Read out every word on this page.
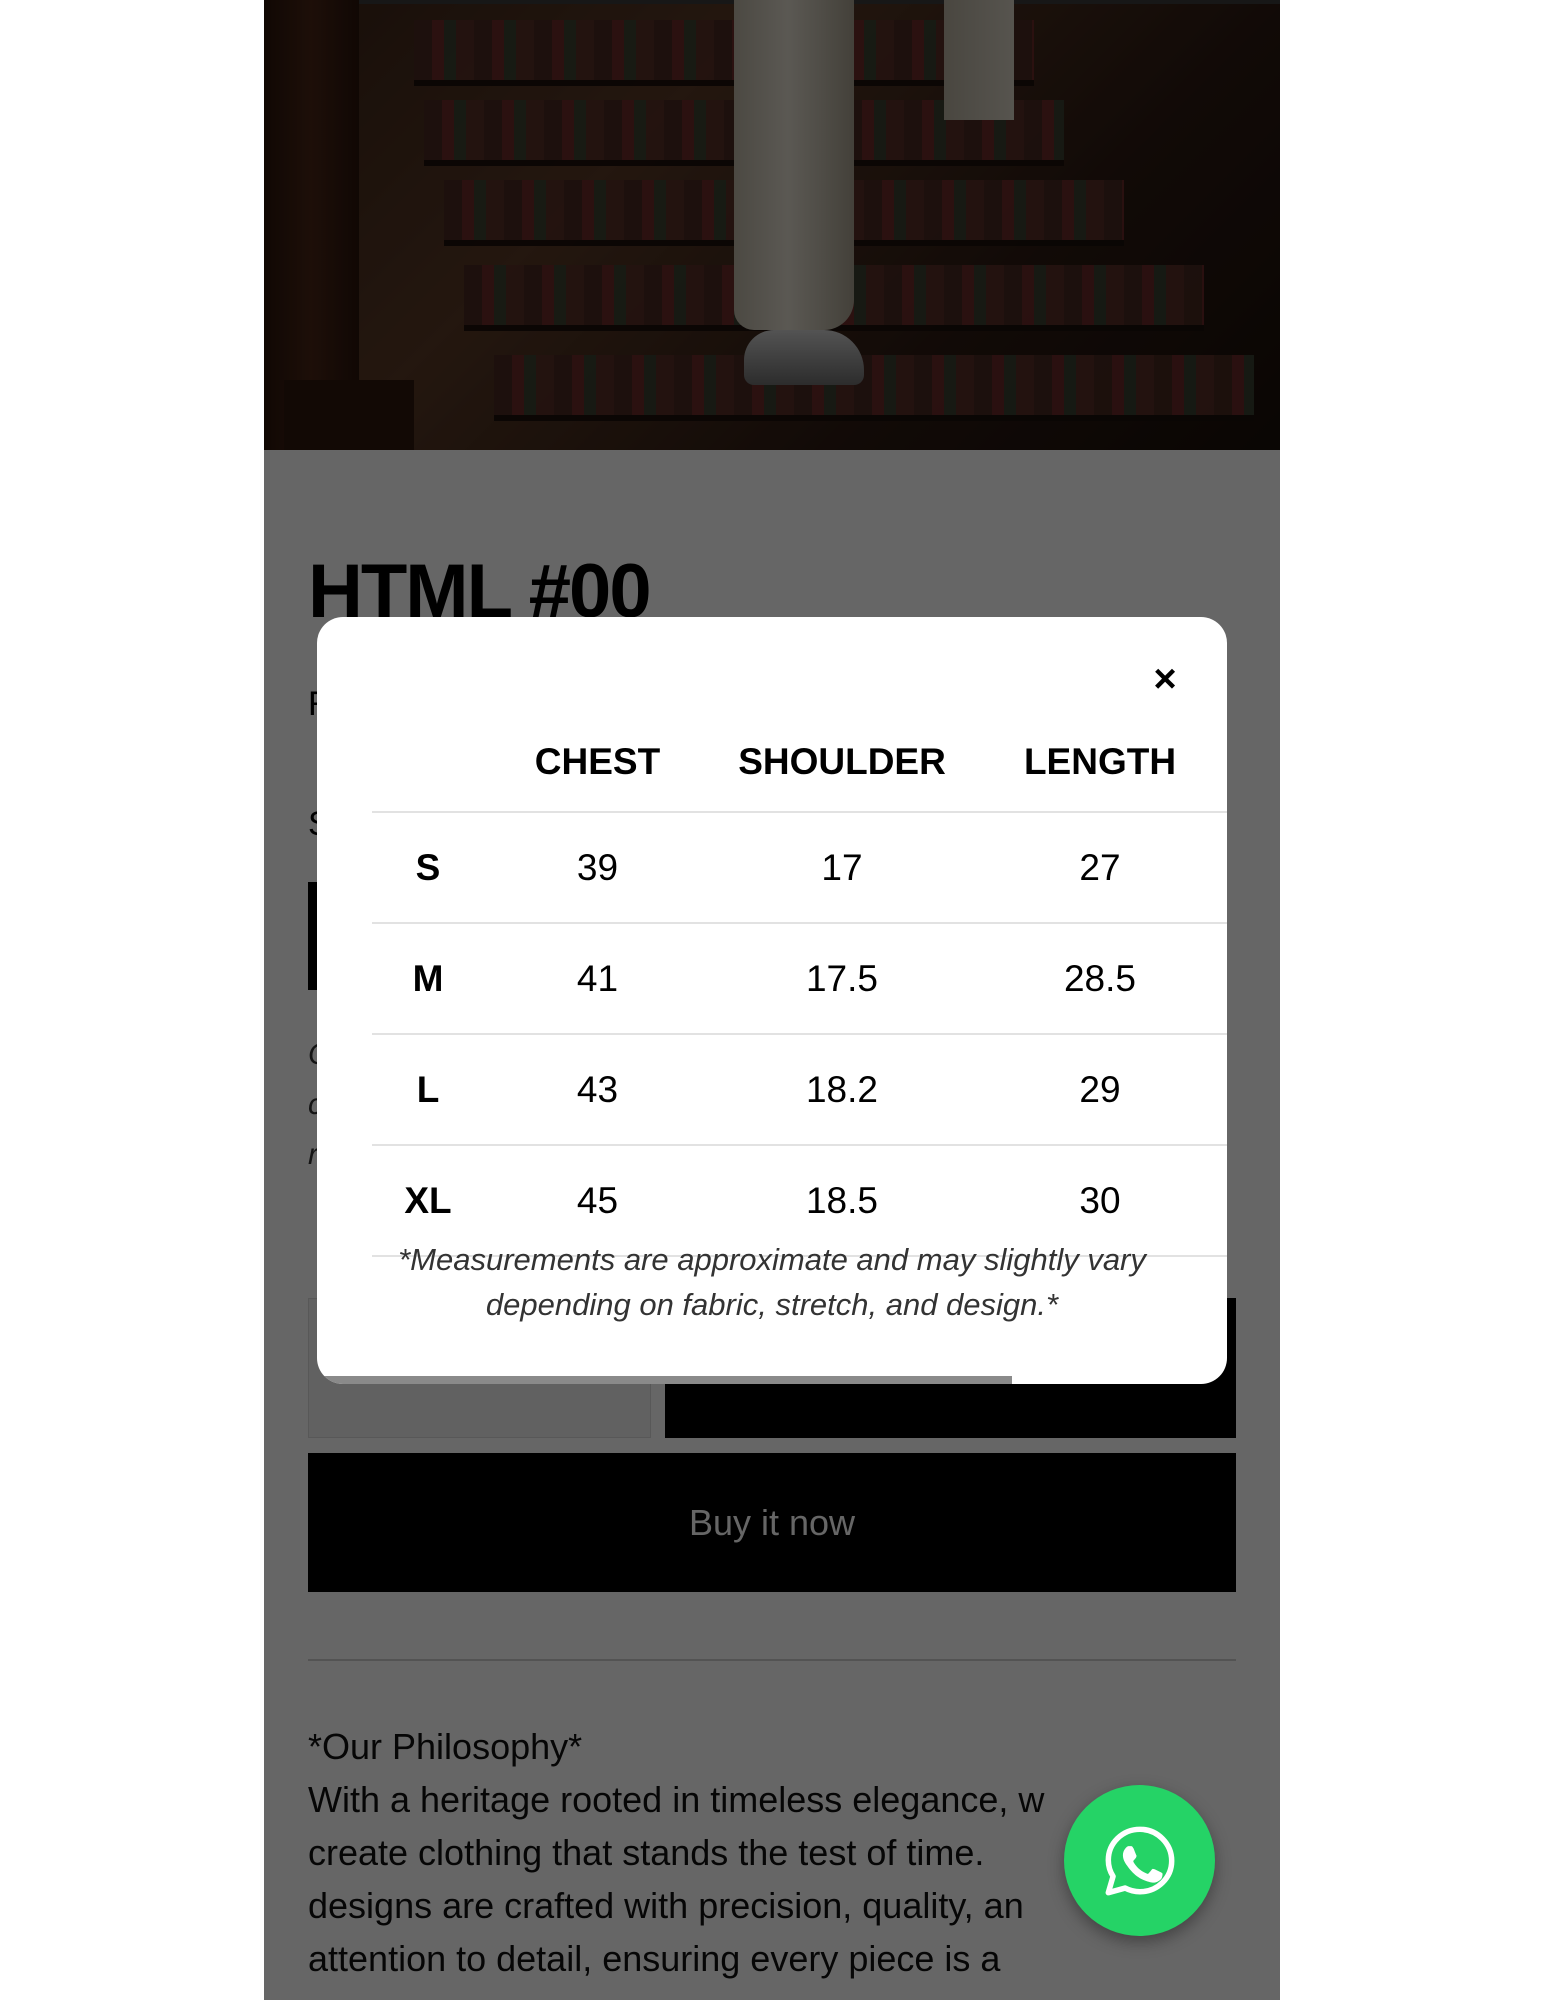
×
	CHEST	SHOULDER	LENGTH
S	39	17	27
M	41	17.5	28.5
L	43	18.2	29
XL	45	18.5	30
*Measurements are approximate and may slightly vary depending on fabric, stretch, and design.*
